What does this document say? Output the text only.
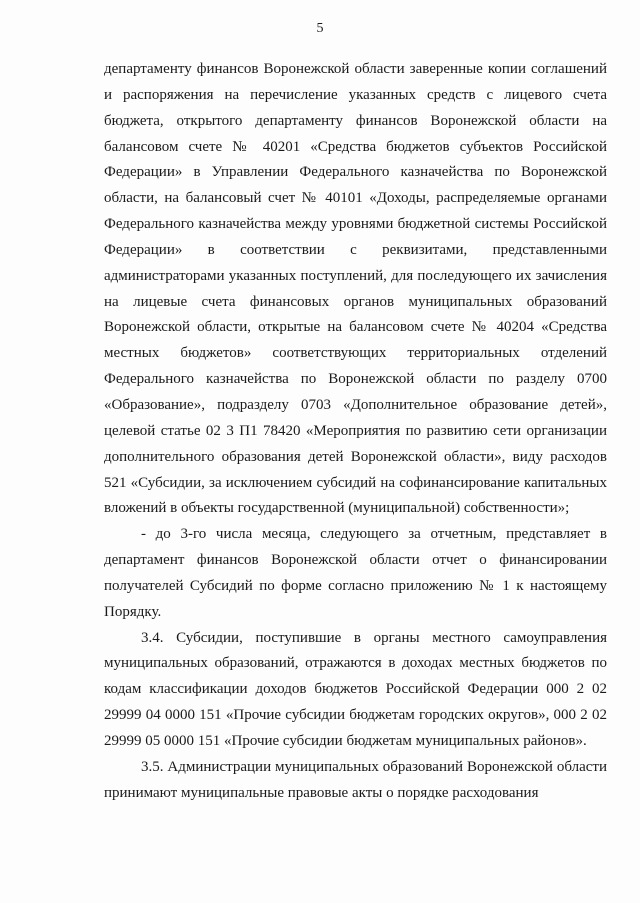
5

департаменту финансов Воронежской области заверенные копии соглашений и распоряжения на перечисление указанных средств с лицевого счета бюджета, открытого департаменту финансов Воронежской области на балансовом счете № 40201 «Средства бюджетов субъектов Российской Федерации» в Управлении Федерального казначейства по Воронежской области, на балансовый счет № 40101 «Доходы, распределяемые органами Федерального казначейства между уровнями бюджетной системы Российской Федерации» в соответствии с реквизитами, представленными администраторами указанных поступлений, для последующего их зачисления на лицевые счета финансовых органов муниципальных образований Воронежской области, открытые на балансовом счете № 40204 «Средства местных бюджетов» соответствующих территориальных отделений Федерального казначейства по Воронежской области по разделу 0700 «Образование», подразделу 0703 «Дополнительное образование детей», целевой статье 02 3 П1 78420 «Мероприятия по развитию сети организации дополнительного образования детей Воронежской области», виду расходов 521 «Субсидии, за исключением субсидий на софинансирование капитальных вложений в объекты государственной (муниципальной) собственности»;

- до 3-го числа месяца, следующего за отчетным, представляет в департамент финансов Воронежской области отчет о финансировании получателей Субсидий по форме согласно приложению № 1 к настоящему Порядку.

3.4. Субсидии, поступившие в органы местного самоуправления муниципальных образований, отражаются в доходах местных бюджетов по кодам классификации доходов бюджетов Российской Федерации 000 2 02 29999 04 0000 151 «Прочие субсидии бюджетам городских округов», 000 2 02 29999 05 0000 151 «Прочие субсидии бюджетам муниципальных районов».

3.5. Администрации муниципальных образований Воронежской области принимают муниципальные правовые акты о порядке расходования
